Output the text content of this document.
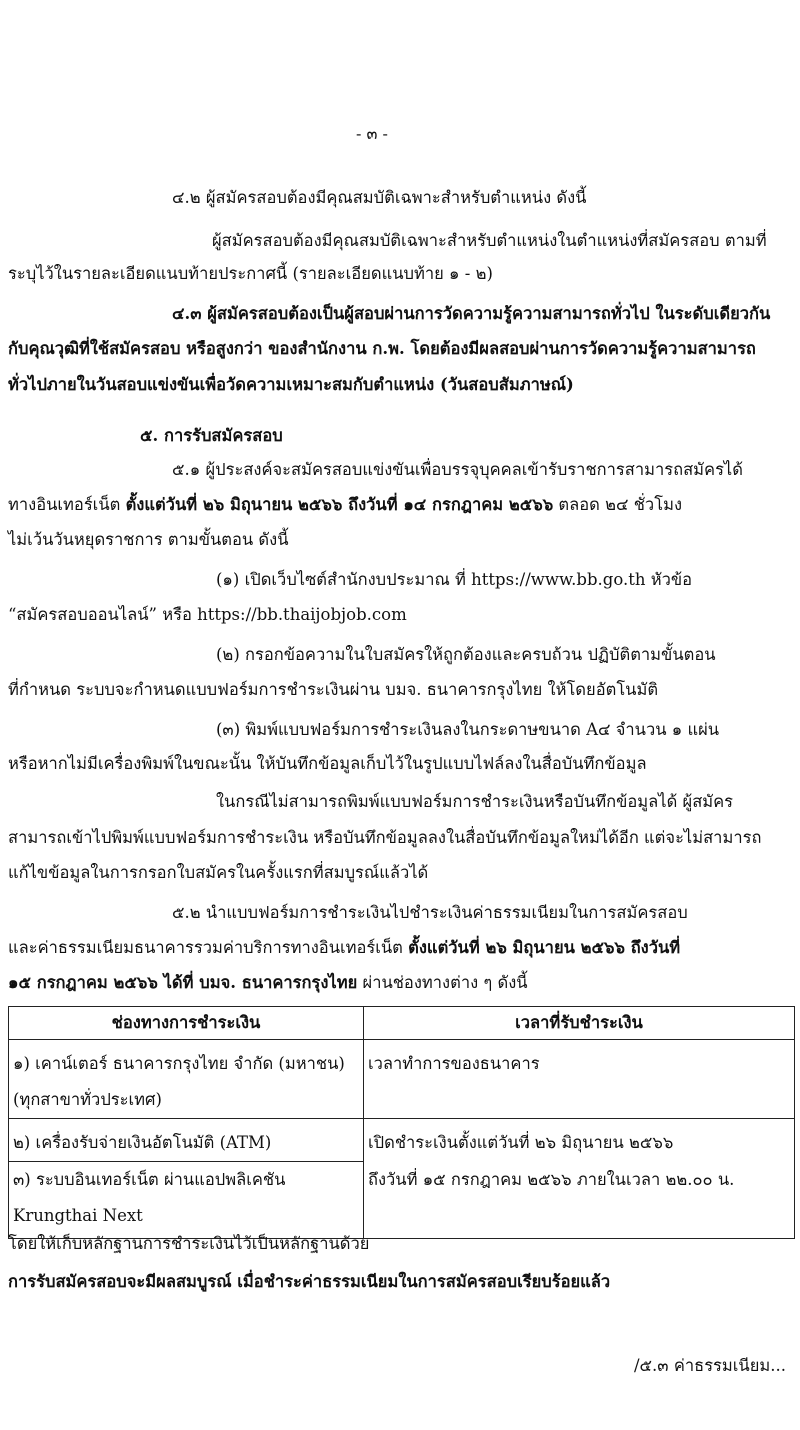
- ๓ -
๔.๒ ผู้สมัครสอบต้องมีคุณสมบัติเฉพาะสำหรับตำแหน่ง ดังนี้
ผู้สมัครสอบต้องมีคุณสมบัติเฉพาะสำหรับตำแหน่งในตำแหน่งที่สมัครสอบ ตามที่
ระบุไว้ในรายละเอียดแนบท้ายประกาศนี้ (รายละเอียดแนบท้าย ๑ - ๒)
๔.๓ ผู้สมัครสอบต้องเป็นผู้สอบผ่านการวัดความรู้ความสามารถทั่วไป ในระดับเดียวกัน
กับคุณวุฒิที่ใช้สมัครสอบ หรือสูงกว่า ของสำนักงาน ก.พ. โดยต้องมีผลสอบผ่านการวัดความรู้ความสามารถ
ทั่วไปภายในวันสอบแข่งขันเพื่อวัดความเหมาะสมกับตำแหน่ง (วันสอบสัมภาษณ์)
๕. การรับสมัครสอบ
๕.๑ ผู้ประสงค์จะสมัครสอบแข่งขันเพื่อบรรจุบุคคลเข้ารับราชการสามารถสมัครได้
ทางอินเทอร์เน็ต ตั้งแต่วันที่ ๒๖ มิถุนายน ๒๕๖๖ ถึงวันที่ ๑๔ กรกฎาคม ๒๕๖๖ ตลอด ๒๔ ชั่วโมง
ไม่เว้นวันหยุดราชการ ตามขั้นตอน ดังนี้
(๑) เปิดเว็บไซต์สำนักงบประมาณ ที่ https://www.bb.go.th หัวข้อ
“สมัครสอบออนไลน์” หรือ https://bb.thaijobjob.com
(๒) กรอกข้อความในใบสมัครให้ถูกต้องและครบถ้วน ปฏิบัติตามขั้นตอน
ที่กำหนด ระบบจะกำหนดแบบฟอร์มการชำระเงินผ่าน บมจ. ธนาคารกรุงไทย ให้โดยอัตโนมัติ
(๓) พิมพ์แบบฟอร์มการชำระเงินลงในกระดาษขนาด A๔ จำนวน ๑ แผ่น
หรือหากไม่มีเครื่องพิมพ์ในขณะนั้น ให้บันทึกข้อมูลเก็บไว้ในรูปแบบไฟล์ลงในสื่อบันทึกข้อมูล
ในกรณีไม่สามารถพิมพ์แบบฟอร์มการชำระเงินหรือบันทึกข้อมูลได้ ผู้สมัคร
สามารถเข้าไปพิมพ์แบบฟอร์มการชำระเงิน หรือบันทึกข้อมูลลงในสื่อบันทึกข้อมูลใหม่ได้อีก แต่จะไม่สามารถ
แก้ไขข้อมูลในการกรอกใบสมัครในครั้งแรกที่สมบูรณ์แล้วได้
๕.๒ นำแบบฟอร์มการชำระเงินไปชำระเงินค่าธรรมเนียมในการสมัครสอบ
และค่าธรรมเนียมธนาคารรวมค่าบริการทางอินเทอร์เน็ต ตั้งแต่วันที่ ๒๖ มิถุนายน ๒๕๖๖ ถึงวันที่
๑๕ กรกฎาคม ๒๕๖๖ ได้ที่ บมจ. ธนาคารกรุงไทย ผ่านช่องทางต่าง ๆ ดังนี้
ช่องทางการชำระเงิน	เวลาที่รับชำระเงิน

๑) เคาน์เตอร์ ธนาคารกรุงไทย จำกัด (มหาชน)
(ทุกสาขาทั่วประเทศ)	เวลาทำการของธนาคาร

๒) เครื่องรับจ่ายเงินอัตโนมัติ (ATM)	เปิดชำระเงินตั้งแต่วันที่ ๒๖ มิถุนายน ๒๕๖๖

๓) ระบบอินเทอร์เน็ต ผ่านแอปพลิเคชัน
Krungthai Next	ถึงวันที่ ๑๕ กรกฎาคม ๒๕๖๖ ภายในเวลา ๒๒.๐๐ น.
โดยให้เก็บหลักฐานการชำระเงินไว้เป็นหลักฐานด้วย
การรับสมัครสอบจะมีผลสมบูรณ์ เมื่อชำระค่าธรรมเนียมในการสมัครสอบเรียบร้อยแล้ว
/๕.๓ ค่าธรรมเนียม...
